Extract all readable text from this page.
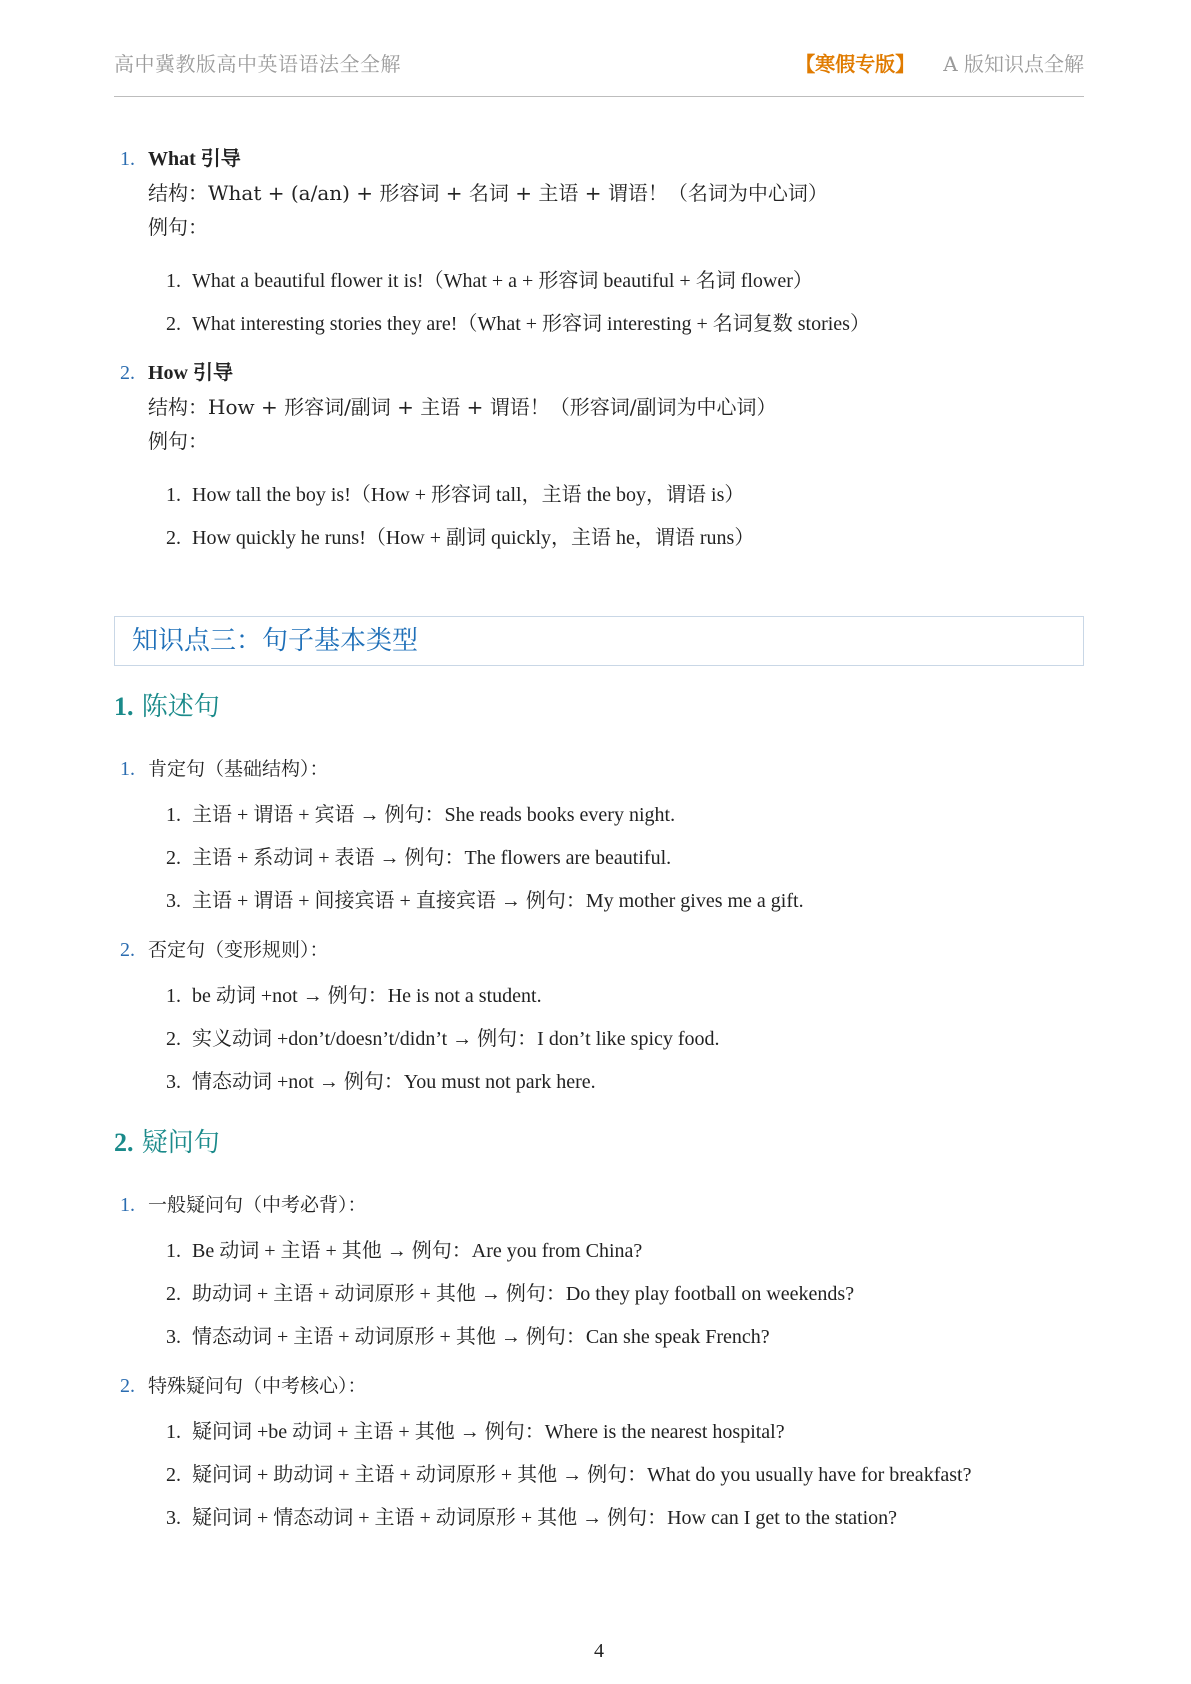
高中冀教版高中英语语法全全解	【寒假专版】 A 版知识点全解
1. What 引导
结构：What + (a/an) + 形容词 + 名词 + 主语 + 谓语！（名词为中心词）
例句：
1. What a beautiful flower it is!（What + a + 形容词 beautiful + 名词 flower）
2. What interesting stories they are!（What + 形容词 interesting + 名词复数 stories）
2. How 引导
结构：How + 形容词/副词 + 主语 + 谓语！（形容词/副词为中心词）
例句：
1. How tall the boy is!（How + 形容词 tall，主语 the boy，谓语 is）
2. How quickly he runs!（How + 副词 quickly，主语 he，谓语 runs）
知识点三：句子基本类型
1. 陈述句
1. 肯定句（基础结构）：
1. 主语 + 谓语 + 宾语 → 例句：She reads books every night.
2. 主语 + 系动词 + 表语 → 例句：The flowers are beautiful.
3. 主语 + 谓语 + 间接宾语 + 直接宾语 → 例句：My mother gives me a gift.
2. 否定句（变形规则）：
1. be 动词 +not → 例句：He is not a student.
2. 实义动词 +don’t/doesn’t/didn’t → 例句：I don’t like spicy food.
3. 情态动词 +not → 例句：You must not park here.
2. 疑问句
1. 一般疑问句（中考必背）：
1. Be 动词 + 主语 + 其他 → 例句：Are you from China?
2. 助动词 + 主语 + 动词原形 + 其他 → 例句：Do they play football on weekends?
3. 情态动词 + 主语 + 动词原形 + 其他 → 例句：Can she speak French?
2. 特殊疑问句（中考核心）：
1. 疑问词 +be 动词 + 主语 + 其他 → 例句：Where is the nearest hospital?
2. 疑问词 + 助动词 + 主语 + 动词原形 + 其他 → 例句：What do you usually have for breakfast?
3. 疑问词 + 情态动词 + 主语 + 动词原形 + 其他 → 例句：How can I get to the station?
4
